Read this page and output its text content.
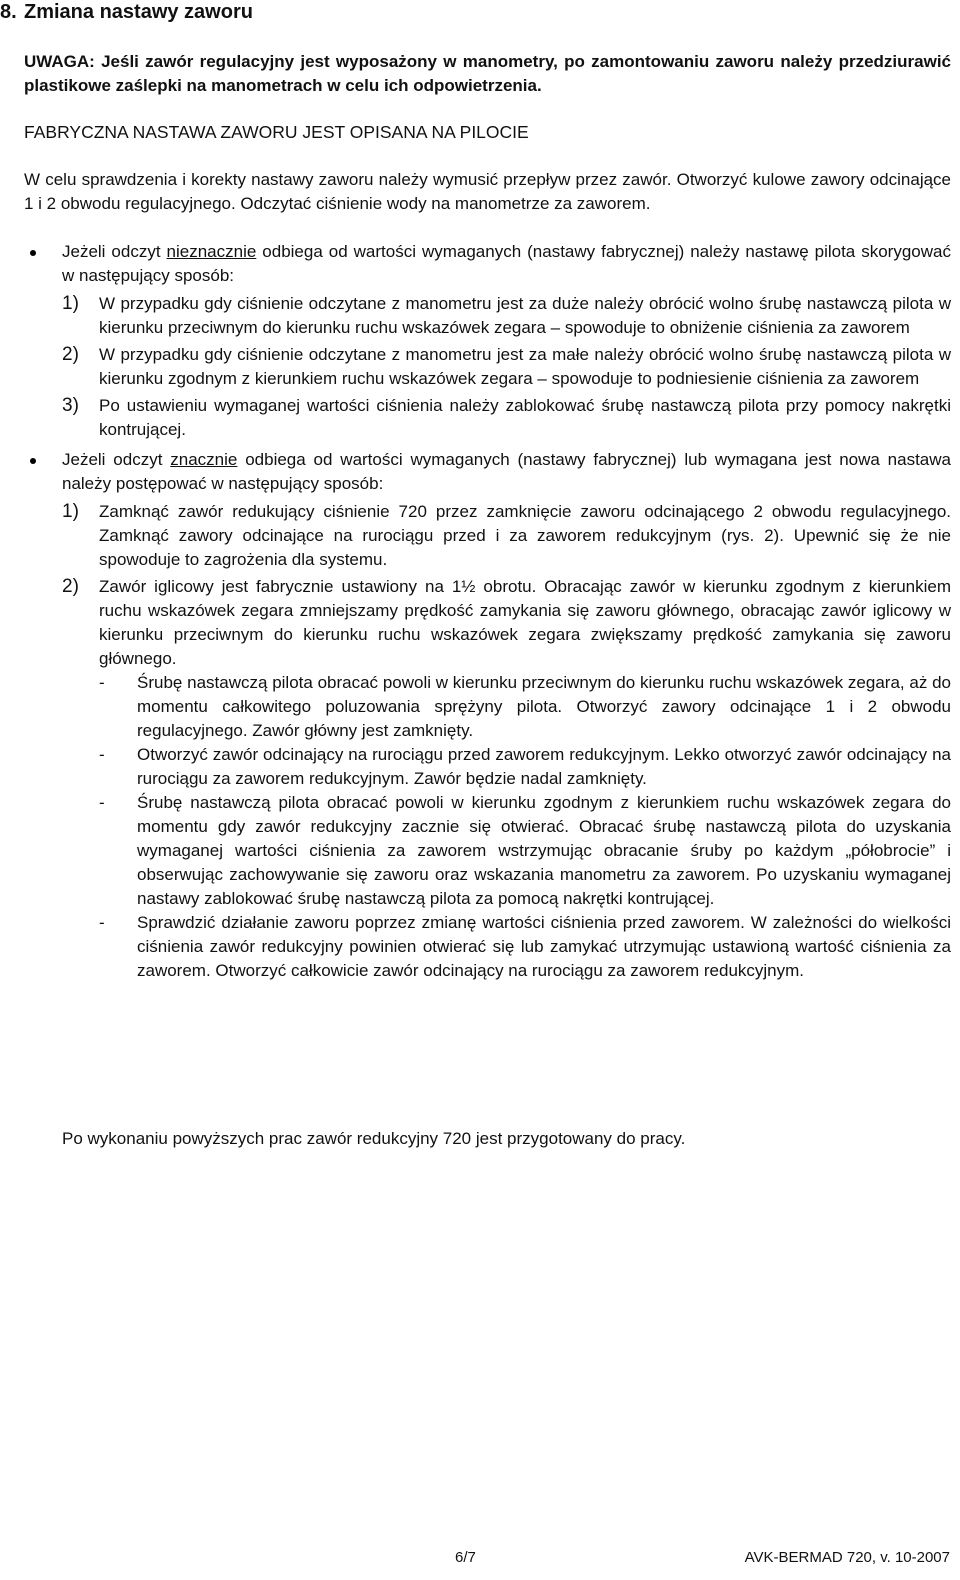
8. Zmiana nastawy zaworu
UWAGA: Jeśli zawór regulacyjny jest wyposażony w manometry, po zamontowaniu zaworu należy przedziurawić plastikowe zaślepki na manometrach w celu ich odpowietrzenia.
FABRYCZNA NASTAWA ZAWORU JEST OPISANA NA PILOCIE
W celu sprawdzenia i korekty nastawy zaworu należy wymusić przepływ przez zawór. Otworzyć kulowe zawory odcinające 1 i 2 obwodu regulacyjnego. Odczytać ciśnienie wody na manometrze za zaworem.
Jeżeli odczyt nieznacznie odbiega od wartości wymaganych (nastawy fabrycznej) należy nastawę pilota skorygować w następujący sposób:
1) W przypadku gdy ciśnienie odczytane z manometru jest za duże należy obrócić wolno śrubę nastawczą pilota w kierunku przeciwnym do kierunku ruchu wskazówek zegara – spowoduje to obniżenie ciśnienia za zaworem
2) W przypadku gdy ciśnienie odczytane z manometru jest za małe należy obrócić wolno śrubę nastawczą pilota w kierunku zgodnym z kierunkiem ruchu wskazówek zegara – spowoduje to podniesienie ciśnienia za zaworem
3) Po ustawieniu wymaganej wartości ciśnienia należy zablokować śrubę nastawczą pilota przy pomocy nakrętki kontrującej.
Jeżeli odczyt znacznie odbiega od wartości wymaganych (nastawy fabrycznej) lub wymagana jest nowa nastawa należy postępować w następujący sposób:
1) Zamknąć zawór redukujący ciśnienie 720 przez zamknięcie zaworu odcinającego 2 obwodu regulacyjnego. Zamknąć zawory odcinające na rurociągu przed i za zaworem redukcyjnym (rys. 2). Upewnić się że nie spowoduje to zagrożenia dla systemu.
2) Zawór iglicowy jest fabrycznie ustawiony na 1½ obrotu. Obracając zawór w kierunku zgodnym z kierunkiem ruchu wskazówek zegara zmniejszamy prędkość zamykania się zaworu głównego, obracając zawór iglicowy w kierunku przeciwnym do kierunku ruchu wskazówek zegara zwiększamy prędkość zamykania się zaworu głównego.
- Śrubę nastawczą pilota obracać powoli w kierunku przeciwnym do kierunku ruchu wskazówek zegara, aż do momentu całkowitego poluzowania sprężyny pilota. Otworzyć zawory odcinające 1 i 2 obwodu regulacyjnego. Zawór główny jest zamknięty.
- Otworzyć zawór odcinający na rurociągu przed zaworem redukcyjnym. Lekko otworzyć zawór odcinający na rurociągu za zaworem redukcyjnym. Zawór będzie nadal zamknięty.
- Śrubę nastawczą pilota obracać powoli w kierunku zgodnym z kierunkiem ruchu wskazówek zegara do momentu gdy zawór redukcyjny zacznie się otwierać. Obracać śrubę nastawczą pilota do uzyskania wymaganej wartości ciśnienia za zaworem wstrzymując obracanie śruby po każdym „półobrocie” i obserwując zachowywanie się zaworu oraz wskazania manometru za zaworem. Po uzyskaniu wymaganej nastawy zablokować śrubę nastawczą pilota za pomocą nakrętki kontrującej.
- Sprawdzić działanie zaworu poprzez zmianę wartości ciśnienia przed zaworem. W zależności do wielkości ciśnienia zawór redukcyjny powinien otwierać się lub zamykać utrzymując ustawioną wartość ciśnienia za zaworem. Otworzyć całkowicie zawór odcinający na rurociągu za zaworem redukcyjnym.
Po wykonaniu powyższych prac zawór redukcyjny 720 jest przygotowany do pracy.
6/7	AVK-BERMAD 720, v. 10-2007
